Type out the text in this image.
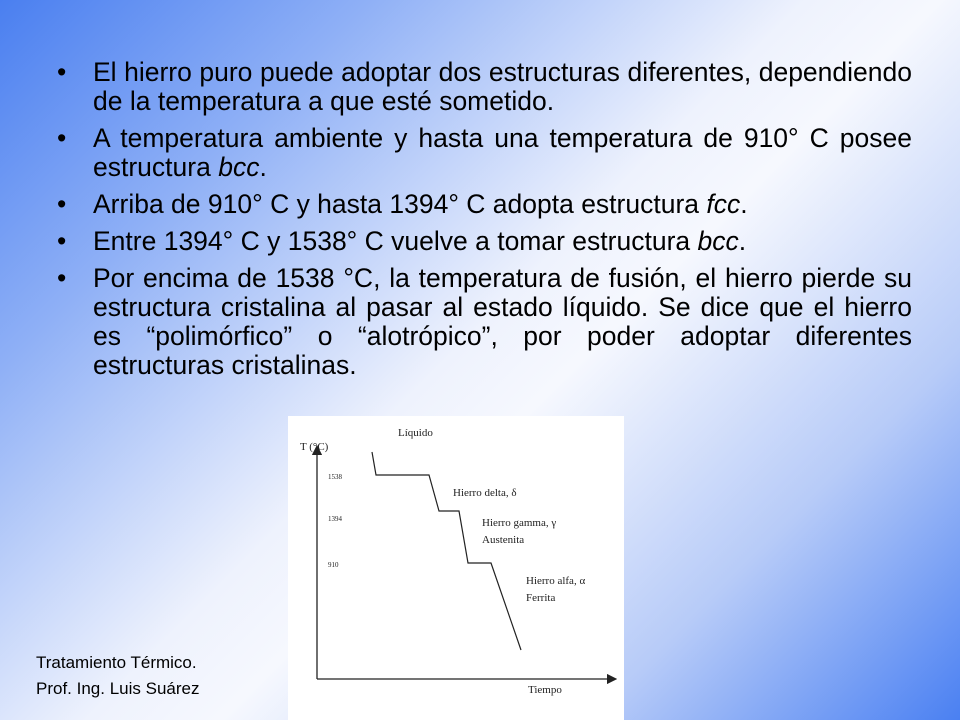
• El hierro puro puede adoptar dos estructuras diferentes, dependiendo de la temperatura a que esté sometido.
• A temperatura ambiente y hasta una temperatura de 910° C posee estructura bcc.
• Arriba de 910° C y hasta 1394° C adopta estructura fcc.
• Entre 1394° C y 1538° C vuelve a tomar estructura bcc.
• Por encima de 1538 °C, la temperatura de fusión, el hierro pierde su estructura cristalina al pasar al estado líquido. Se dice que el hierro es “polimórfico” o “alotrópico”, por poder adoptar diferentes estructuras cristalinas.
T (°C)
1538
1394
910
Líquido
Hierro delta, δ
Hierro gamma, γ
Austenita
Hierro alfa, α
Ferrita
Tiempo
Tratamiento Térmico.
Prof. Ing. Luis Suárez
